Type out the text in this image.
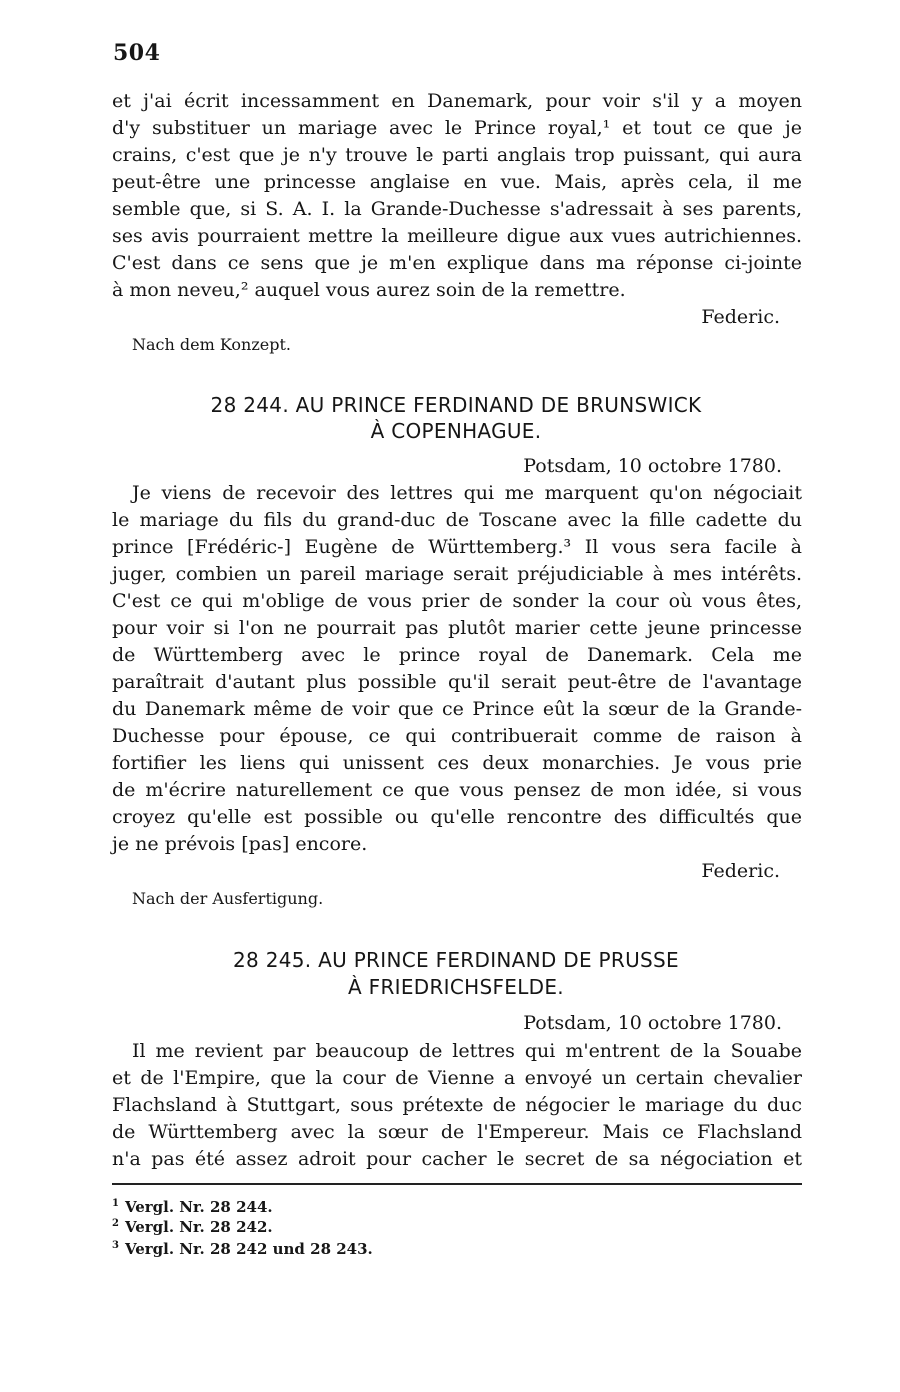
504
et j'ai écrit incessamment en Danemark, pour voir s'il y a moyen
d'y substituer un mariage avec le Prince royal,¹ et tout ce que je
crains, c'est que je n'y trouve le parti anglais trop puissant, qui aura
peut-être une princesse anglaise en vue. Mais, après cela, il me
semble que, si S. A. I. la Grande-Duchesse s'adressait à ses parents,
ses avis pourraient mettre la meilleure digue aux vues autrichiennes.
C'est dans ce sens que je m'en explique dans ma réponse ci-jointe
à mon neveu,² auquel vous aurez soin de la remettre.
Federic.
Nach dem Konzept.
28 244. AU PRINCE FERDINAND DE BRUNSWICK
À COPENHAGUE.
Potsdam, 10 octobre 1780.
Je viens de recevoir des lettres qui me marquent qu'on négociait
le mariage du fils du grand-duc de Toscane avec la fille cadette du
prince [Frédéric-] Eugène de Württemberg.³ Il vous sera facile à
juger, combien un pareil mariage serait préjudiciable à mes intérêts.
C'est ce qui m'oblige de vous prier de sonder la cour où vous êtes,
pour voir si l'on ne pourrait pas plutôt marier cette jeune princesse
de Württemberg avec le prince royal de Danemark. Cela me
paraîtrait d'autant plus possible qu'il serait peut-être de l'avantage
du Danemark même de voir que ce Prince eût la sœur de la Grande-
Duchesse pour épouse, ce qui contribuerait comme de raison à
fortifier les liens qui unissent ces deux monarchies. Je vous prie
de m'écrire naturellement ce que vous pensez de mon idée, si vous
croyez qu'elle est possible ou qu'elle rencontre des difficultés que
je ne prévois [pas] encore.
Federic.
Nach der Ausfertigung.
28 245. AU PRINCE FERDINAND DE PRUSSE
À FRIEDRICHSFELDE.
Potsdam, 10 octobre 1780.
Il me revient par beaucoup de lettres qui m'entrent de la Souabe
et de l'Empire, que la cour de Vienne a envoyé un certain chevalier
Flachsland à Stuttgart, sous prétexte de négocier le mariage du duc
de Württemberg avec la sœur de l'Empereur. Mais ce Flachsland
n'a pas été assez adroit pour cacher le secret de sa négociation et
$^1$ Vergl. Nr. 28 244.
$^2$ Vergl. Nr. 28 242.
$^3$ Vergl. Nr. 28 242 und 28 243.
